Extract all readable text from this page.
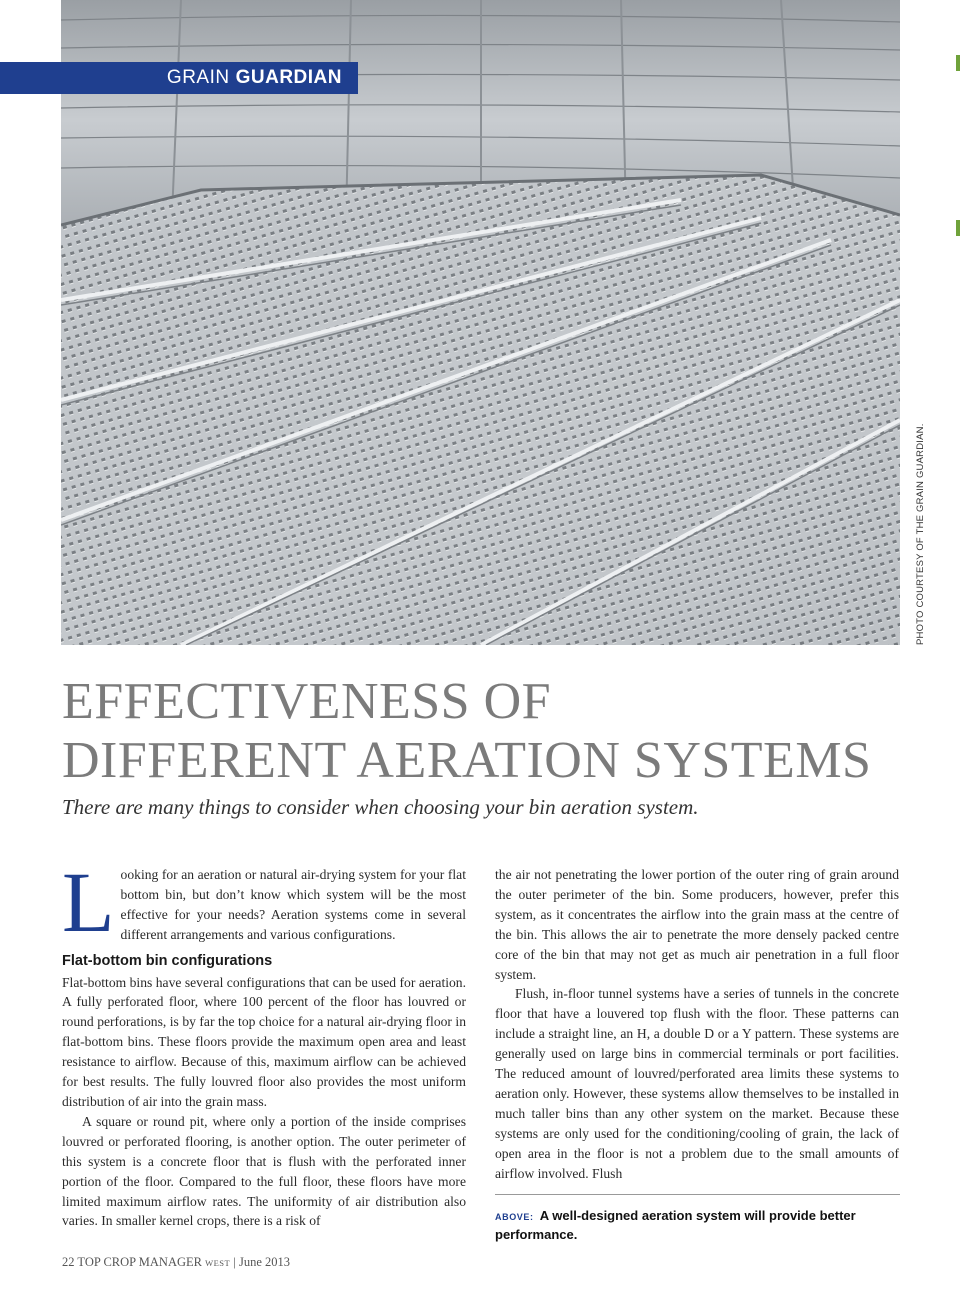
GRAIN GUARDIAN
PHOTO COURTESY OF THE GRAIN GUARDIAN.
EFFECTIVENESS OF
DIFFERENT AERATION SYSTEMS

There are many things to consider when choosing your bin aeration system.

Looking for an aeration or natural air-drying system for your flat bottom bin, but don’t know which system will be the most effective for your needs? Aeration systems come in several different arrangements and various configurations.

Flat-bottom bin configurations

Flat-bottom bins have several configurations that can be used for aeration. A fully perforated floor, where 100 percent of the floor has louvred or round perforations, is by far the top choice for a natural air-drying floor in flat-bottom bins. These floors provide the maximum open area and least resistance to airflow. Because of this, maximum airflow can be achieved for best results. The fully louvred floor also provides the most uniform distribution of air into the grain mass.

A square or round pit, where only a portion of the inside comprises louvred or perforated flooring, is another option. The outer perimeter of this system is a concrete floor that is flush with the perforated inner portion of the floor. Compared to the full floor, these floors have more limited maximum airflow rates. The uniformity of air distribution also varies. In smaller kernel crops, there is a risk of

the air not penetrating the lower portion of the outer ring of grain around the outer perimeter of the bin. Some producers, however, prefer this system, as it concentrates the airflow into the grain mass at the centre of the bin. This allows the air to penetrate the more densely packed centre core of the bin that may not get as much air penetration in a full floor system.

Flush, in-floor tunnel systems have a series of tunnels in the concrete floor that have a louvered top flush with the floor. These patterns can include a straight line, an H, a double D or a Y pattern. These systems are generally used on large bins in commercial terminals or port facilities. The reduced amount of louvred/perforated area limits these systems to aeration only. However, these systems allow themselves to be installed in much taller bins than any other system on the market. Because these systems are only used for the conditioning/cooling of grain, the lack of open area in the floor is not a problem due to the small amounts of airflow involved. Flush

ABOVE: A well-designed aeration system will provide better performance.
22 TOP CROP MANAGER WEST | June 2013
